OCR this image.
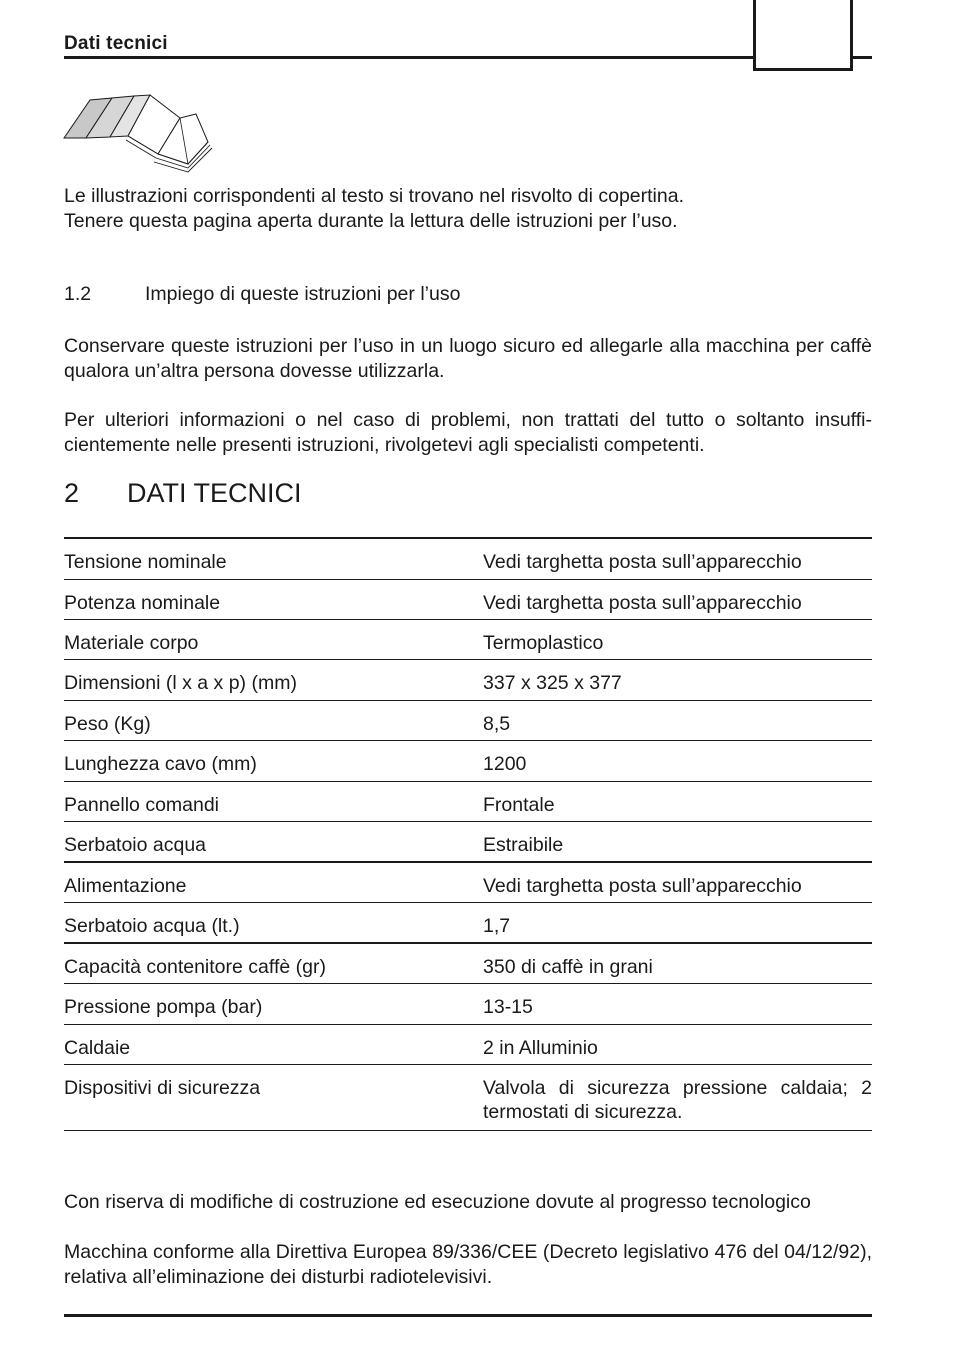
Dati tecnici

Le illustrazioni corrispondenti al testo si trovano nel risvolto di copertina.

Tenere questa pagina aperta durante la lettura delle istruzioni per l’uso.

1.2	Impiego di queste istruzioni per l’uso

Conservare queste istruzioni per l’uso in un luogo sicuro ed allegarle alla macchina per caffè qualora un’altra persona dovesse utilizzarla.

Per ulteriori informazioni o nel caso di problemi, non trattati del tutto o soltanto insuffi-cientemente nelle presenti istruzioni, rivolgetevi agli specialisti competenti.

2 DATI TECNICI
Tensione nominale	Vedi targhetta posta sull’apparecchio
Potenza nominale	Vedi targhetta posta sull’apparecchio
Materiale corpo	Termoplastico
Dimensioni (l x a x p) (mm)	337 x 325 x 377
Peso (Kg)	8,5
Lunghezza cavo (mm)	1200
Pannello comandi	Frontale
Serbatoio acqua	Estraibile
Alimentazione	Vedi targhetta posta sull’apparecchio
Serbatoio acqua (lt.)	1,7
Capacità contenitore caffè (gr)	350 di caffè in grani
Pressione pompa (bar)	13-15
Caldaie	2 in Alluminio
Dispositivi di sicurezza	Valvola di sicurezza pressione caldaia; 2 termostati di sicurezza.

Con riserva di modifiche di costruzione ed esecuzione dovute al progresso tecnologico

Macchina conforme alla Direttiva Europea 89/336/CEE (Decreto legislativo 476 del 04/12/92), relativa all’eliminazione dei disturbi radiotelevisivi.
